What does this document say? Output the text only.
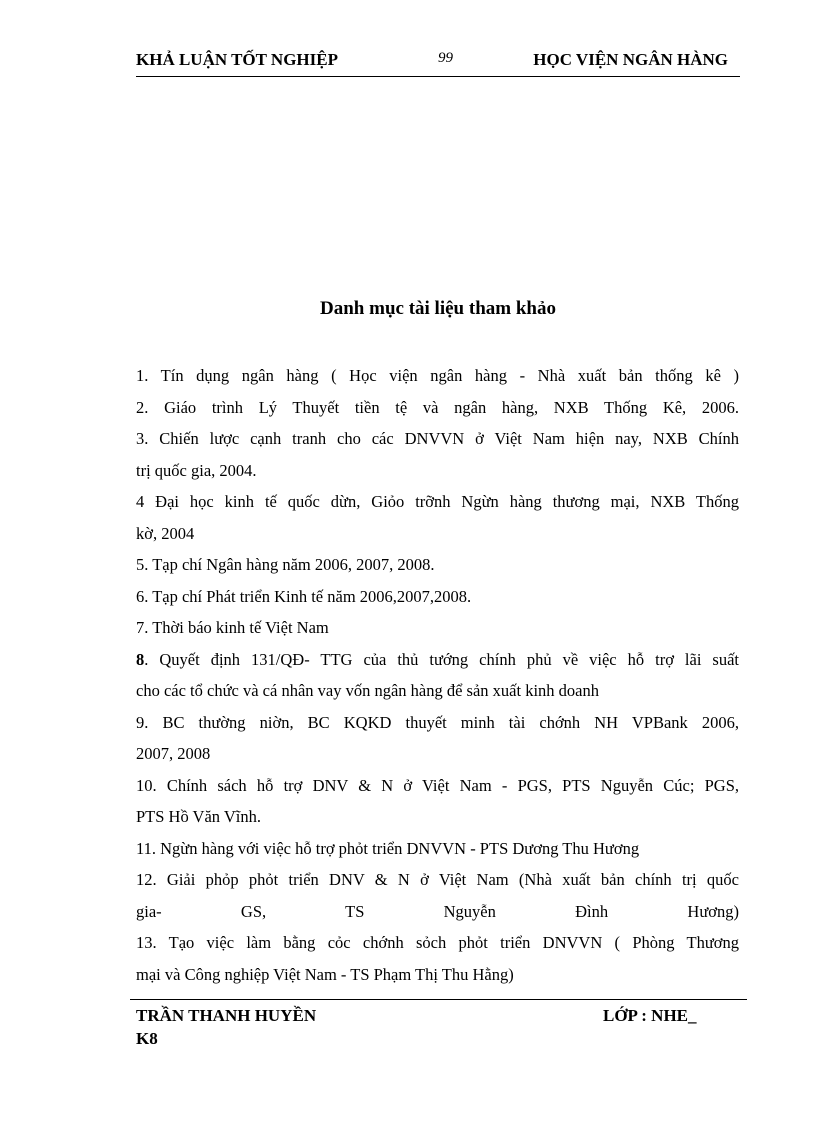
KHẢ LUẬN TỐT NGHIỆP	99	HỌC VIỆN NGÂN HÀNG
Danh mục tài liệu tham khảo
1. Tín dụng ngân hàng ( Học viện ngân hàng - Nhà xuất bản thống kê )
2. Giáo trình Lý Thuyết tiền tệ và ngân hàng, NXB Thống Kê, 2006.
3. Chiến lược cạnh tranh cho các DNVVN ở Việt Nam hiện nay, NXB Chính
trị quốc gia, 2004.
4 Đại học kinh tế quốc dừn, Giỏo trỡnh Ngừn hàng thương mại, NXB Thống
kờ, 2004
5. Tạp chí Ngân hàng năm 2006, 2007, 2008.
6. Tạp chí Phát triển Kinh tế năm 2006,2007,2008.
7. Thời báo kinh tế Việt Nam
8. Quyết định 131/QĐ- TTG của thủ tướng chính phủ về việc hỗ trợ lãi suất
cho các tổ chức và cá nhân vay vốn ngân hàng để sản xuất kinh doanh
9. BC thường niờn, BC KQKD thuyết minh tài chớnh NH VPBank 2006,
2007, 2008
10. Chính sách hỗ trợ DNV & N ở Việt Nam - PGS, PTS Nguyễn Cúc; PGS,
PTS Hồ Văn Vĩnh.
11. Ngừn hàng với việc hỗ trợ phỏt triển DNVVN - PTS Dương Thu Hương
12. Giải phỏp phỏt triển DNV & N ở Việt Nam (Nhà xuất bản chính trị quốc
gia- GS, TS Nguyễn Đình Hương)
13. Tạo việc làm bằng cỏc chớnh sỏch phỏt triển DNVVN ( Phòng Thương
mại và Công nghiệp Việt Nam - TS Phạm Thị Thu Hằng)
TRẦN THANH HUYỀN	LỚP : NHE_
K8
